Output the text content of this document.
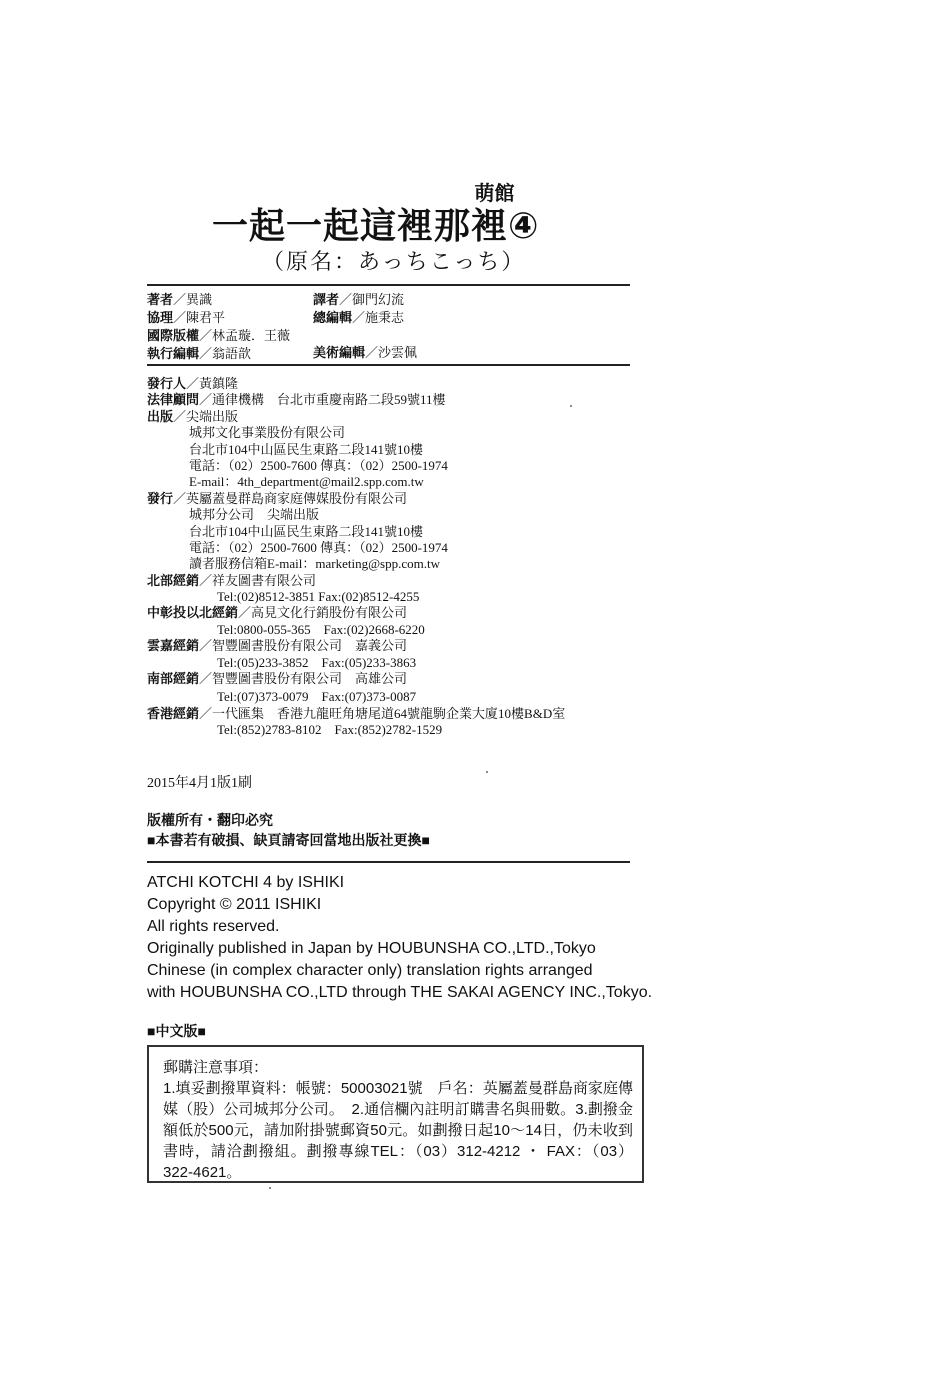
萌館
一起一起這裡那裡④
（原名：あっちこっち）
著者／異識
協理／陳君平
國際版權／林孟璇．王薇
執行編輯／翁語歆
譯者／御門幻流
總編輯／施秉志

美術編輯／沙雲佩
發行人／黃鎮隆
法律顧問／通律機構　台北市重慶南路二段59號11樓
出版／尖端出版
城邦文化事業股份有限公司
台北市104中山區民生東路二段141號10樓
電話：（02）2500-7600 傳真：（02）2500-1974
E-mail：4th_department@mail2.spp.com.tw
發行／英屬蓋曼群島商家庭傳媒股份有限公司
城邦分公司　尖端出版
台北市104中山區民生東路二段141號10樓
電話：（02）2500-7600 傳真：（02）2500-1974
讀者服務信箱E-mail：marketing@spp.com.tw
北部經銷／祥友圖書有限公司
Tel:(02)8512-3851 Fax:(02)8512-4255
中彰投以北經銷／高見文化行銷股份有限公司
Tel:0800-055-365　Fax:(02)2668-6220
雲嘉經銷／智豐圖書股份有限公司　嘉義公司
Tel:(05)233-3852　Fax:(05)233-3863
南部經銷／智豐圖書股份有限公司　高雄公司
Tel:(07)373-0079　Fax:(07)373-0087
香港經銷／一代匯集　香港九龍旺角塘尾道64號龍駒企業大廈10樓B&D室
Tel:(852)2783-8102　Fax:(852)2782-1529
2015年4月1版1刷
版權所有・翻印必究
■本書若有破損、缺頁請寄回當地出版社更換■
ATCHI KOTCHI 4 by ISHIKI
Copyright © 2011 ISHIKI
All rights reserved.
Originally published in Japan by HOUBUNSHA CO.,LTD.,Tokyo
Chinese (in complex character only) translation rights arranged
with HOUBUNSHA CO.,LTD through THE SAKAI AGENCY INC.,Tokyo.
■中文版■
郵購注意事項：
1.填妥劃撥單資料：帳號：50003021號　戶名：英屬蓋曼群島商家庭傳媒（股）公司城邦分公司。　2.通信欄內註明訂購書名與冊數。3.劃撥金額低於500元，請加附掛號郵資50元。如劃撥日起10～14日，仍未收到書時，請洽劃撥組。劃撥專線TEL：（03）312-4212 ・ FAX：（03）322-4621。
